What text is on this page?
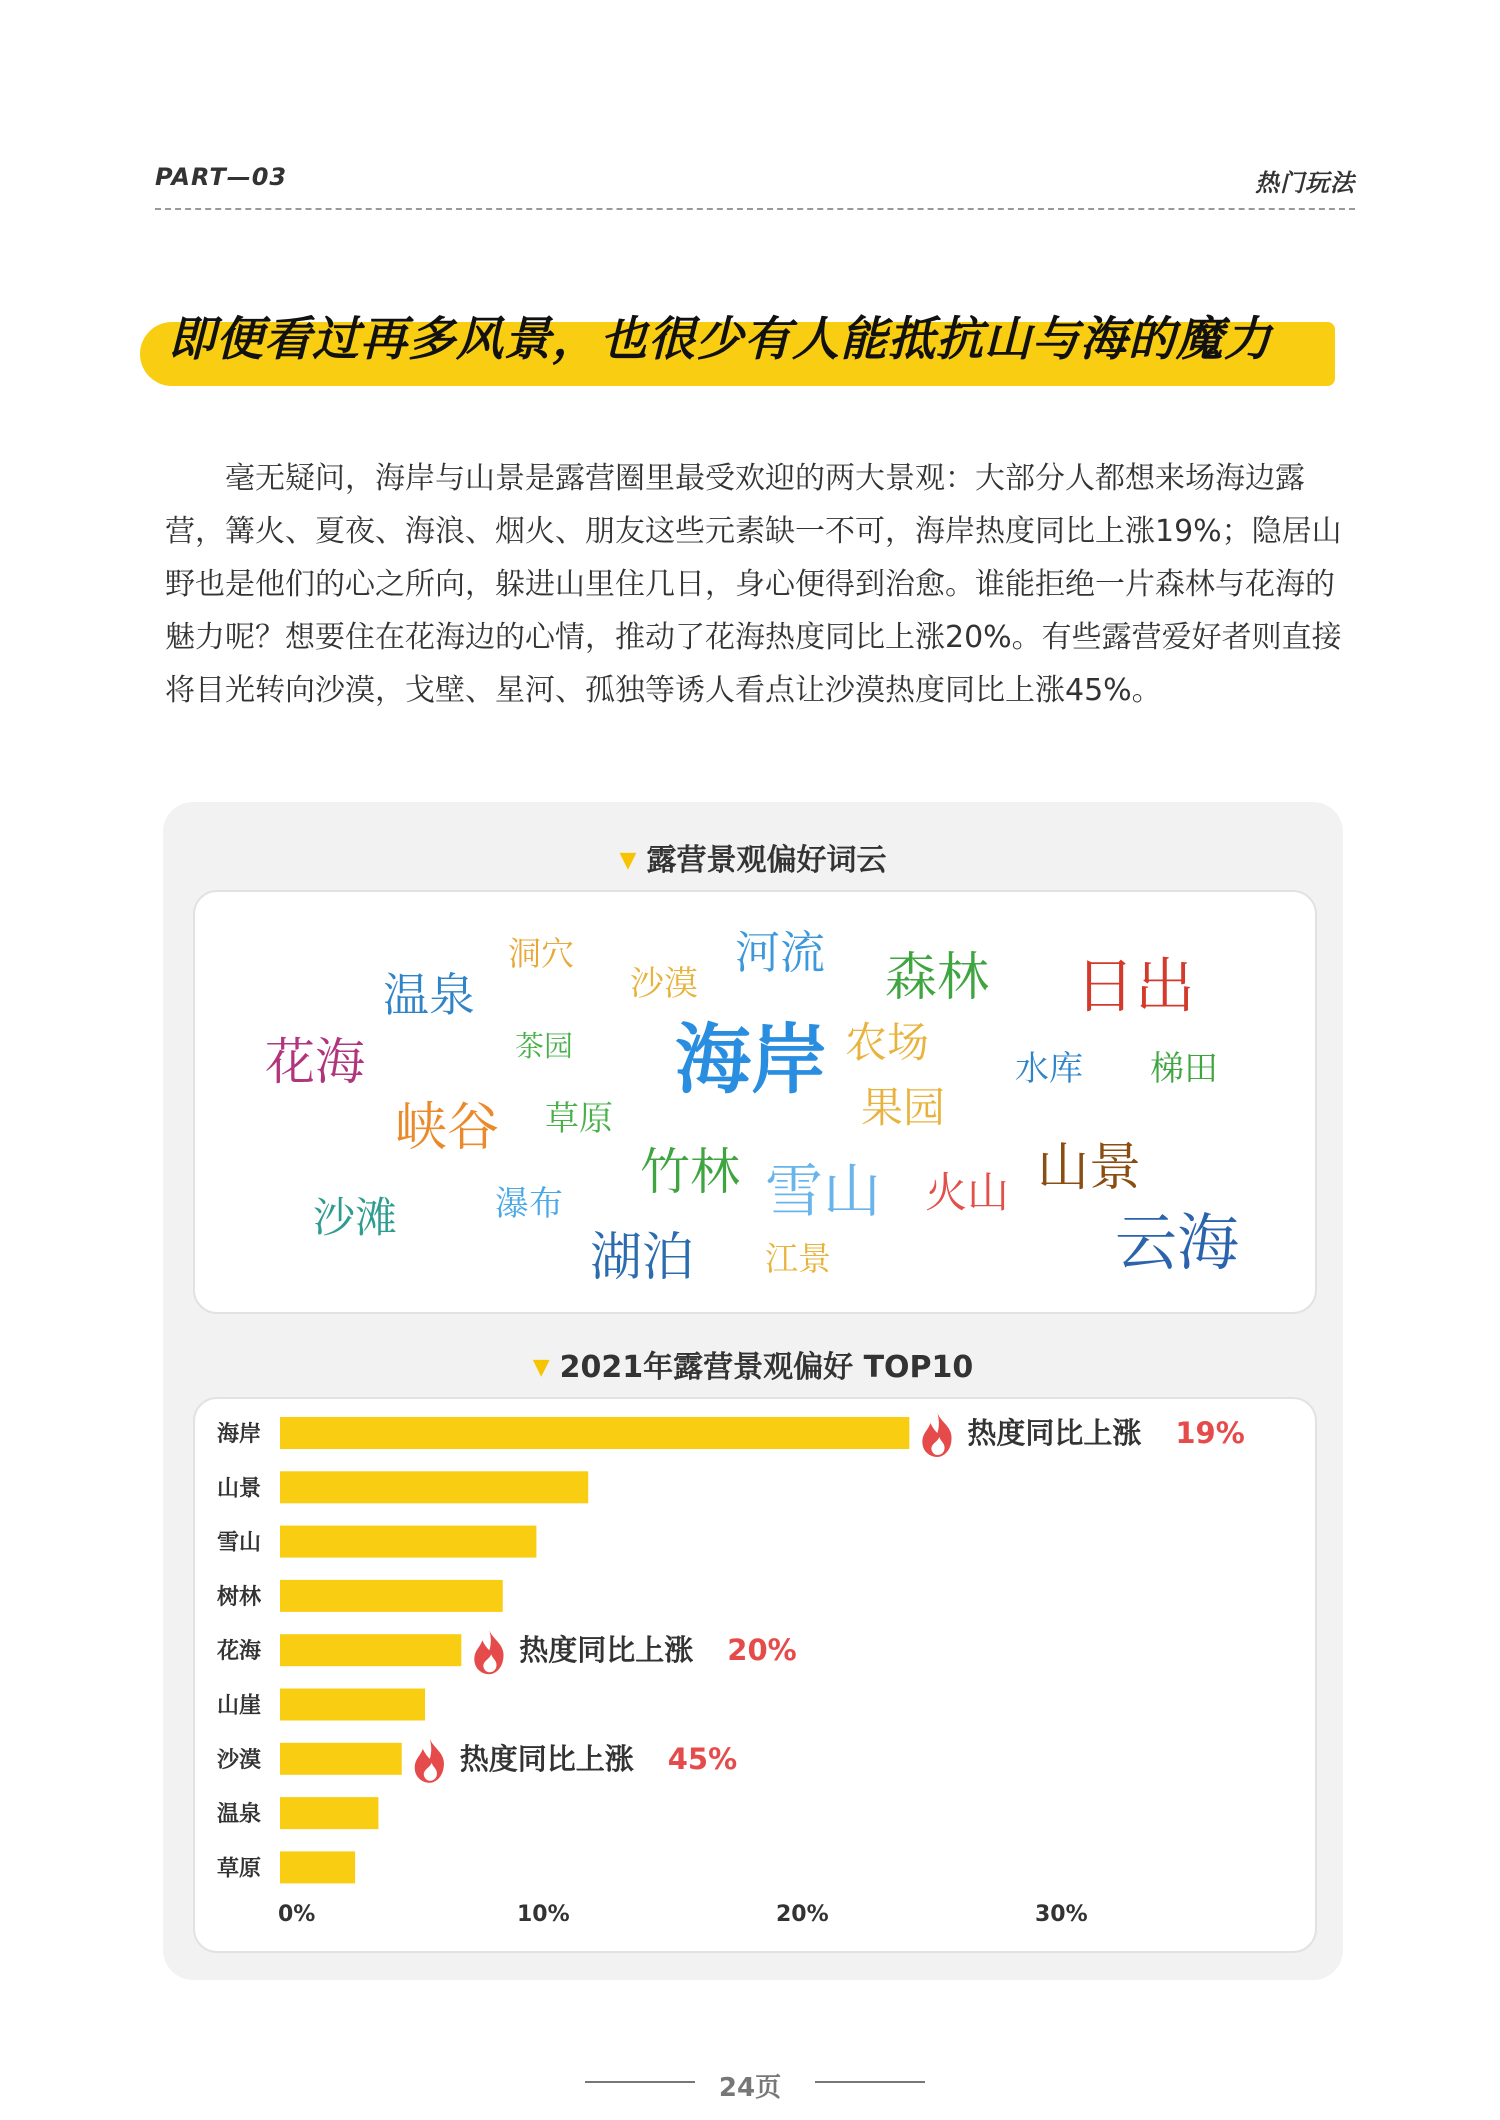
PART—03	热门玩法
即便看过再多风景，也很少有人能抵抗山与海的魔力

毫无疑问，海岸与山景是露营圈里最受欢迎的两大景观：大部分人都想来场海边露营，篝火、夏夜、海浪、烟火、朋友这些元素缺一不可，海岸热度同比上涨19%；隐居山野也是他们的心之所向，躲进山里住几日，身心便得到治愈。谁能拒绝一片森林与花海的魅力呢？想要住在花海边的心情，推动了花海热度同比上涨20%。有些露营爱好者则直接将目光转向沙漠，戈壁、星河、孤独等诱人看点让沙漠热度同比上涨45%。

▼ 露营景观偏好词云
洞穴	河流
温泉	沙漠	森林 日出
花海	茶园 海岸 农场
水库 梯田
峡谷 草原	果园
竹林	山景
沙滩	瀑布	雪山 火山
湖泊 江景	云海
▼ 2021年露营景观偏好 TOP10
海岸	热度同比上涨 19%
山景
雪山
树林
花海	热度同比上涨 20%
山崖
沙漠	热度同比上涨 45%
温泉
草原
0%	10%	20%	30%
24页
